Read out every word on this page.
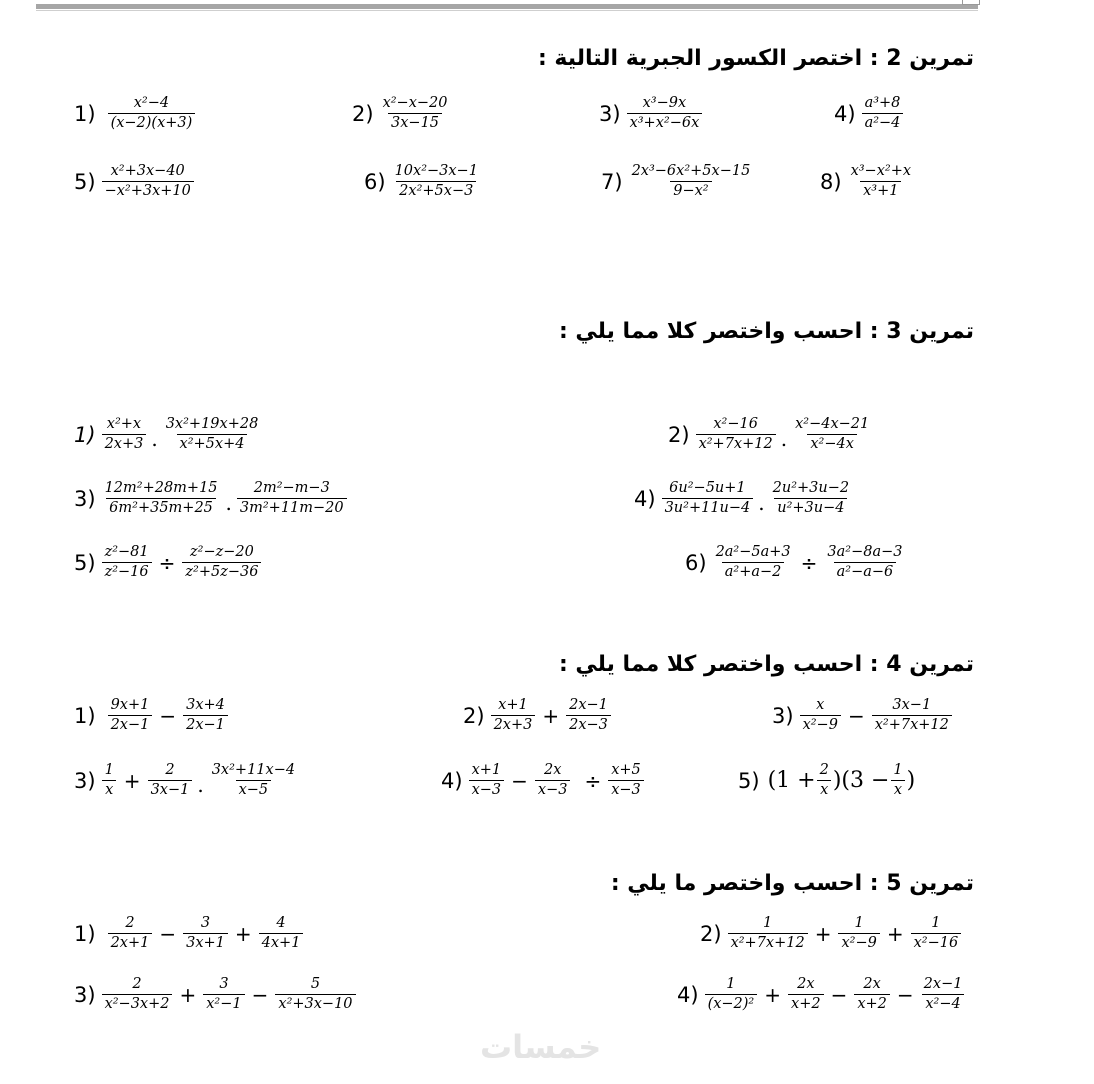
تمرين 2 : اختصر الكسور الجبرية التالية :
$1) \frac{\text{x²−4}}{(x-2)(x+3)}$	$2) \frac{\text{x²−x−20}}{3x-15}$	$3) \frac{\text{x³−9x}}{\text{x³+x²−6x}}$	$4) \frac{\text{a³+8}}{\text{a²−4}}$
$5) \frac{\text{x²+3x−40}}{\text{−x²+3x+10}}$	$6) \frac{\text{10x²−3x−1}}{\text{2x²+5x−3}}$	$7) \frac{\text{2x³−6x²+5x−15}}{\text{9−x²}}$	$8) \frac{\text{x³−x²+x}}{\text{x³+1}}$
تمرين 3 : احسب واختصر كلا مما يلي :
$1) \frac{\text{x²+x}}{2x+3}$ . $\frac{\text{3x²+19x+28}}{\text{x²+5x+4}}$	$2) \frac{\text{x²−16}}{\text{x²+7x+12}}$ . $\frac{\text{x²−4x−21}}{\text{x²−4x}}$
$3) \frac{\text{12m²+28m+15}}{\text{6m²+35m+25}}$ . $\frac{\text{2m²−m−3}}{\text{3m²+11m−20}}$	$4) \frac{\text{6u²−5u+1}}{\text{3u²+11u−4}}$ . $\frac{\text{2u²+3u−2}}{\text{u²+3u−4}}$
$5) \frac{\text{z²−81}}{\text{z²−16}} \div \frac{\text{z²−z−20}}{\text{z²+5z−36}}$	$6) \frac{\text{2a²−5a+3}}{\text{a²+a−2}} \div \frac{\text{3a²−8a−3}}{\text{a²−a−6}}$
تمرين 4 : احسب واختصر كلا مما يلي :
$1) \frac{9x+1}{2x-1} - \frac{3x+4}{2x-1}$	$2) \frac{x+1}{2x+3} + \frac{2x-1}{2x-3}$	$3) \frac{x}{\text{x²−9}} - \frac{3x-1}{\text{x²+7x+12}}$
$3) \frac{1}{x} + \frac{2}{3x-1}$ . $\frac{\text{3x²+11x−4}}{x-5}$	$4) \frac{x+1}{x-3} - \frac{2x}{x-3} \div \frac{x+5}{x-3}$	5) $(1 + \frac{2}{x} )(3 - \frac{1}{x}$ )
تمرين 5 : احسب واختصر ما يلي :
$1) \frac{2}{2x+1} - \frac{3}{3x+1} + \frac{4}{4x+1}$	$2) \frac{1}{\text{x²+7x+12}} + \frac{1}{\text{x²−9}} + \frac{1}{\text{x²−16}}$
$3) \frac{2}{\text{x²−3x+2}} + \frac{3}{\text{x²−1}} - \frac{5}{\text{x²+3x−10}}$	$4) \frac{1}{\text{(x−2)²}} + \frac{2x}{x+2} - \frac{2x}{x+2} - \frac{2x-1}{\text{x²−4}}$
خمسات
